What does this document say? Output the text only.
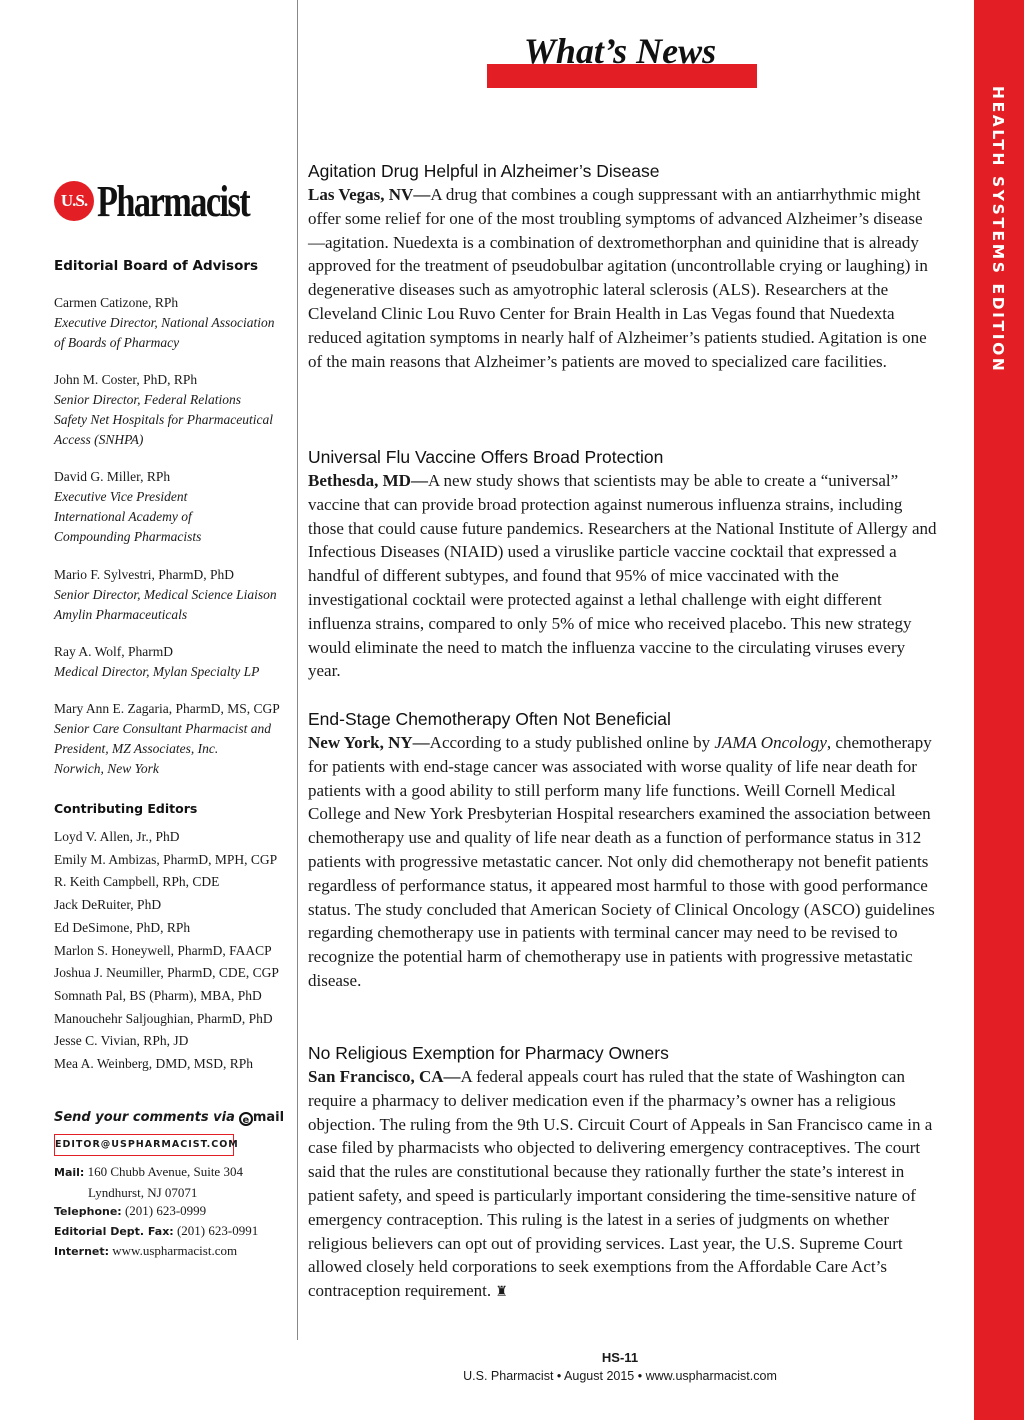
HEALTH SYSTEMS EDITION
What’s News
U.S. Pharmacist
Editorial Board of Advisors
Carmen Catizone, RPh
Executive Director, National Association
of Boards of Pharmacy
John M. Coster, PhD, RPh
Senior Director, Federal Relations
Safety Net Hospitals for Pharmaceutical
Access (SNHPA)
David G. Miller, RPh
Executive Vice President
International Academy of
Compounding Pharmacists
Mario F. Sylvestri, PharmD, PhD
Senior Director, Medical Science Liaison
Amylin Pharmaceuticals
Ray A. Wolf, PharmD
Medical Director, Mylan Specialty LP
Mary Ann E. Zagaria, PharmD, MS, CGP
Senior Care Consultant Pharmacist and
President, MZ Associates, Inc.
Norwich, New York
Contributing Editors
Loyd V. Allen, Jr., PhD
Emily M. Ambizas, PharmD, MPH, CGP
R. Keith Campbell, RPh, CDE
Jack DeRuiter, PhD
Ed DeSimone, PhD, RPh
Marlon S. Honeywell, PharmD, FAACP
Joshua J. Neumiller, PharmD, CDE, CGP
Somnath Pal, BS (Pharm), MBA, PhD
Manouchehr Saljoughian, PharmD, PhD
Jesse C. Vivian, RPh, JD
Mea A. Weinberg, DMD, MSD, RPh
Send your comments via e mail
EDITOR@USPHARMACIST.COM
Mail: 160 Chubb Avenue, Suite 304
Lyndhurst, NJ 07071
Telephone: (201) 623-0999
Editorial Dept. Fax: (201) 623-0991
Internet: www.uspharmacist.com
Agitation Drug Helpful in Alzheimer’s Disease

Las Vegas, NV—A drug that combines a cough suppressant with an antiarrhythmic might offer some relief for one of the most troubling symptoms of advanced Alzheimer’s disease—agitation. Nuedexta is a combination of dextromethorphan and quinidine that is already approved for the treatment of pseudobulbar agitation (uncontrollable crying or laughing) in degenerative diseases such as amyotrophic lateral sclerosis (ALS). Researchers at the Cleveland Clinic Lou Ruvo Center for Brain Health in Las Vegas found that Nuedexta reduced agitation symptoms in nearly half of Alzheimer’s patients studied. Agitation is one of the main reasons that Alzheimer’s patients are moved to specialized care facilities.

Universal Flu Vaccine Offers Broad Protection

Bethesda, MD—A new study shows that scientists may be able to create a “universal” vaccine that can provide broad protection against numerous influenza strains, including those that could cause future pandemics. Researchers at the National Institute of Allergy and Infectious Diseases (NIAID) used a viruslike particle vaccine cocktail that expressed a handful of different subtypes, and found that 95% of mice vaccinated with the investigational cocktail were protected against a lethal challenge with eight different influenza strains, compared to only 5% of mice who received placebo. This new strategy would eliminate the need to match the influenza vaccine to the circulating viruses every year.

End-Stage Chemotherapy Often Not Beneficial

New York, NY—According to a study published online by JAMA Oncology, chemotherapy for patients with end-stage cancer was associated with worse quality of life near death for patients with a good ability to still perform many life functions. Weill Cornell Medical College and New York Presbyterian Hospital researchers examined the association between chemotherapy use and quality of life near death as a function of performance status in 312 patients with progressive metastatic cancer. Not only did chemotherapy not benefit patients regardless of performance status, it appeared most harmful to those with good performance status. The study concluded that American Society of Clinical Oncology (ASCO) guidelines regarding chemotherapy use in patients with terminal cancer may need to be revised to recognize the potential harm of chemotherapy use in patients with progressive metastatic disease.

No Religious Exemption for Pharmacy Owners

San Francisco, CA—A federal appeals court has ruled that the state of Washington can require a pharmacy to deliver medication even if the pharmacy’s owner has a religious objection. The ruling from the 9th U.S. Circuit Court of Appeals in San Francisco came in a case filed by pharmacists who objected to delivering emergency contraceptives. The court said that the rules are constitutional because they rationally further the state’s interest in patient safety, and speed is particularly important considering the time-sensitive nature of emergency contraception. This ruling is the latest in a series of judgments on whether religious believers can opt out of providing services. Last year, the U.S. Supreme Court allowed closely held corporations to seek exemptions from the Affordable Care Act’s contraception requirement. ♜

HS-11
U.S. Pharmacist • August 2015 • www.uspharmacist.com
